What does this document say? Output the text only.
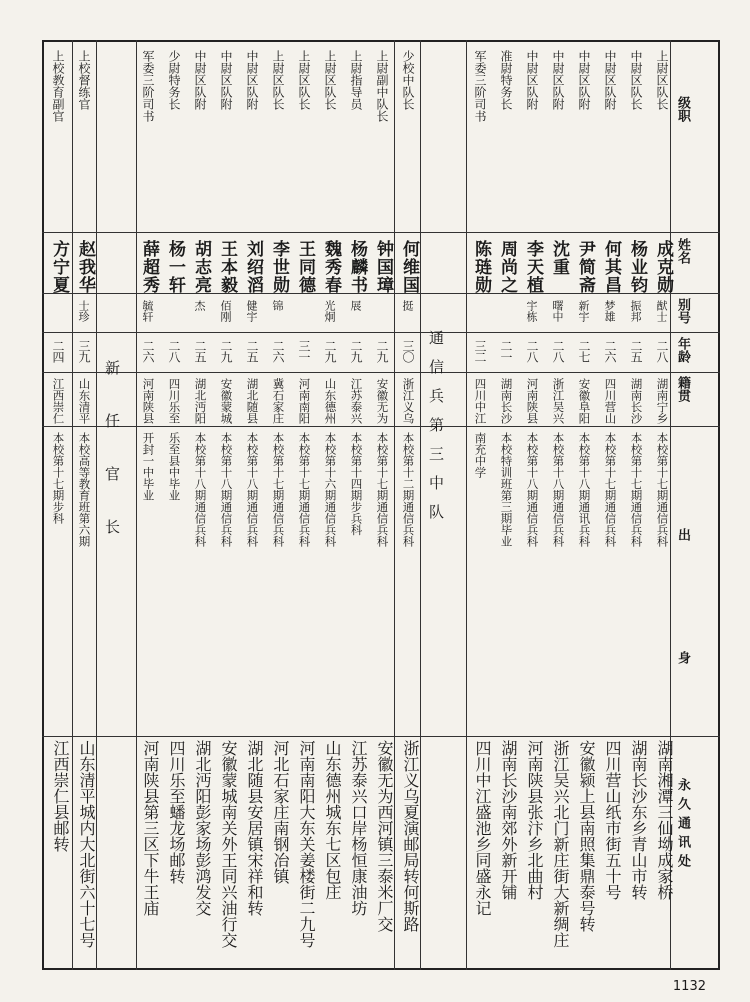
上尉区队长
成克勋
猷士
二八
湖南宁乡
本校第十七期通信兵科
湖南湘潭三仙坳成家桥
中尉区队长
杨业钧
振邦
二五
湖南长沙
本校第十七期通信兵科
湖南长沙东乡青山市转
中尉区队附
何其昌
梦雄
二六
四川营山
本校第十七期通信兵科
四川营山纸市街五十号
中尉区队附
尹简斋
新宇
二七
安徽阜阳
本校第十八期通讯兵科
安徽颍上县南照集鼎泰号转
中尉区队附
沈重
曙中
二八
浙江吴兴
本校第十八期通信兵科
浙江吴兴北门新庄街大新绸庄
中尉区队附
李天植
宇栋
二八
河南陕县
本校第十八期通信兵科
河南陕县张汴乡北曲村
准尉特务长
周尚之
二一
湖南长沙
本校特训班第三期毕业
湖南长沙南郊外新开铺
军委三阶司书
陈琏勋
三二
四川中江
南充中学
四川中江盛池乡同盛永记
少校中队长
何维国
挺
三〇
浙江义乌
本校第十二期通信兵科
浙江义乌夏演邮局转何斯路
上尉副中队长
钟国璋
二九
安徽无为
本校第十七期通信兵科
安徽无为西河镇三泰米厂交
上尉指导员
杨麟书
展
二九
江苏泰兴
本校第十四期步兵科
江苏泰兴口岸杨恒康油坊
上尉区队长
魏秀春
光炯
二九
山东德州
本校第十六期通信兵科
山东德州城东七区包庄
上尉区队长
王同德
三一
河南南阳
本校第十七期通信兵科
河南南阳大东关姜楼街二九号
上尉区队长
李世勋
锦
二六
冀石家庄
本校第十七期通信兵科
河北石家庄南钢冶镇
中尉区队附
刘绍滔
健宇
二五
湖北随县
本校第十八期通信兵科
湖北随县安居镇宋祥和转
中尉区队附
王本毅
佰刚
二九
安徽蒙城
本校第十八期通信兵科
安徽蒙城南关外王同兴油行交
中尉区队附
胡志亮
杰
二五
湖北沔阳
本校第十八期通信兵科
湖北沔阳彭家场彭鸿发交
少尉特务长
杨一轩
二八
四川乐至
乐至县中毕业
四川乐至蟠龙场邮转
军委三阶司书
薛超秀
毓轩
二六
河南陕县
开封一中毕业
河南陕县第三区下牛王庙
上校督练官
赵我华
士珍
三九
山东清平
本校高等教育班第六期
山东清平城内大北街六十七号
上校教育副官
方宁夏
二四
江西崇仁
本校第十七期步科
江西崇仁县邮转
级职
姓名
别号
年龄
籍贯
出身
永久通讯处
通信兵第三中队
新任官长
1132
